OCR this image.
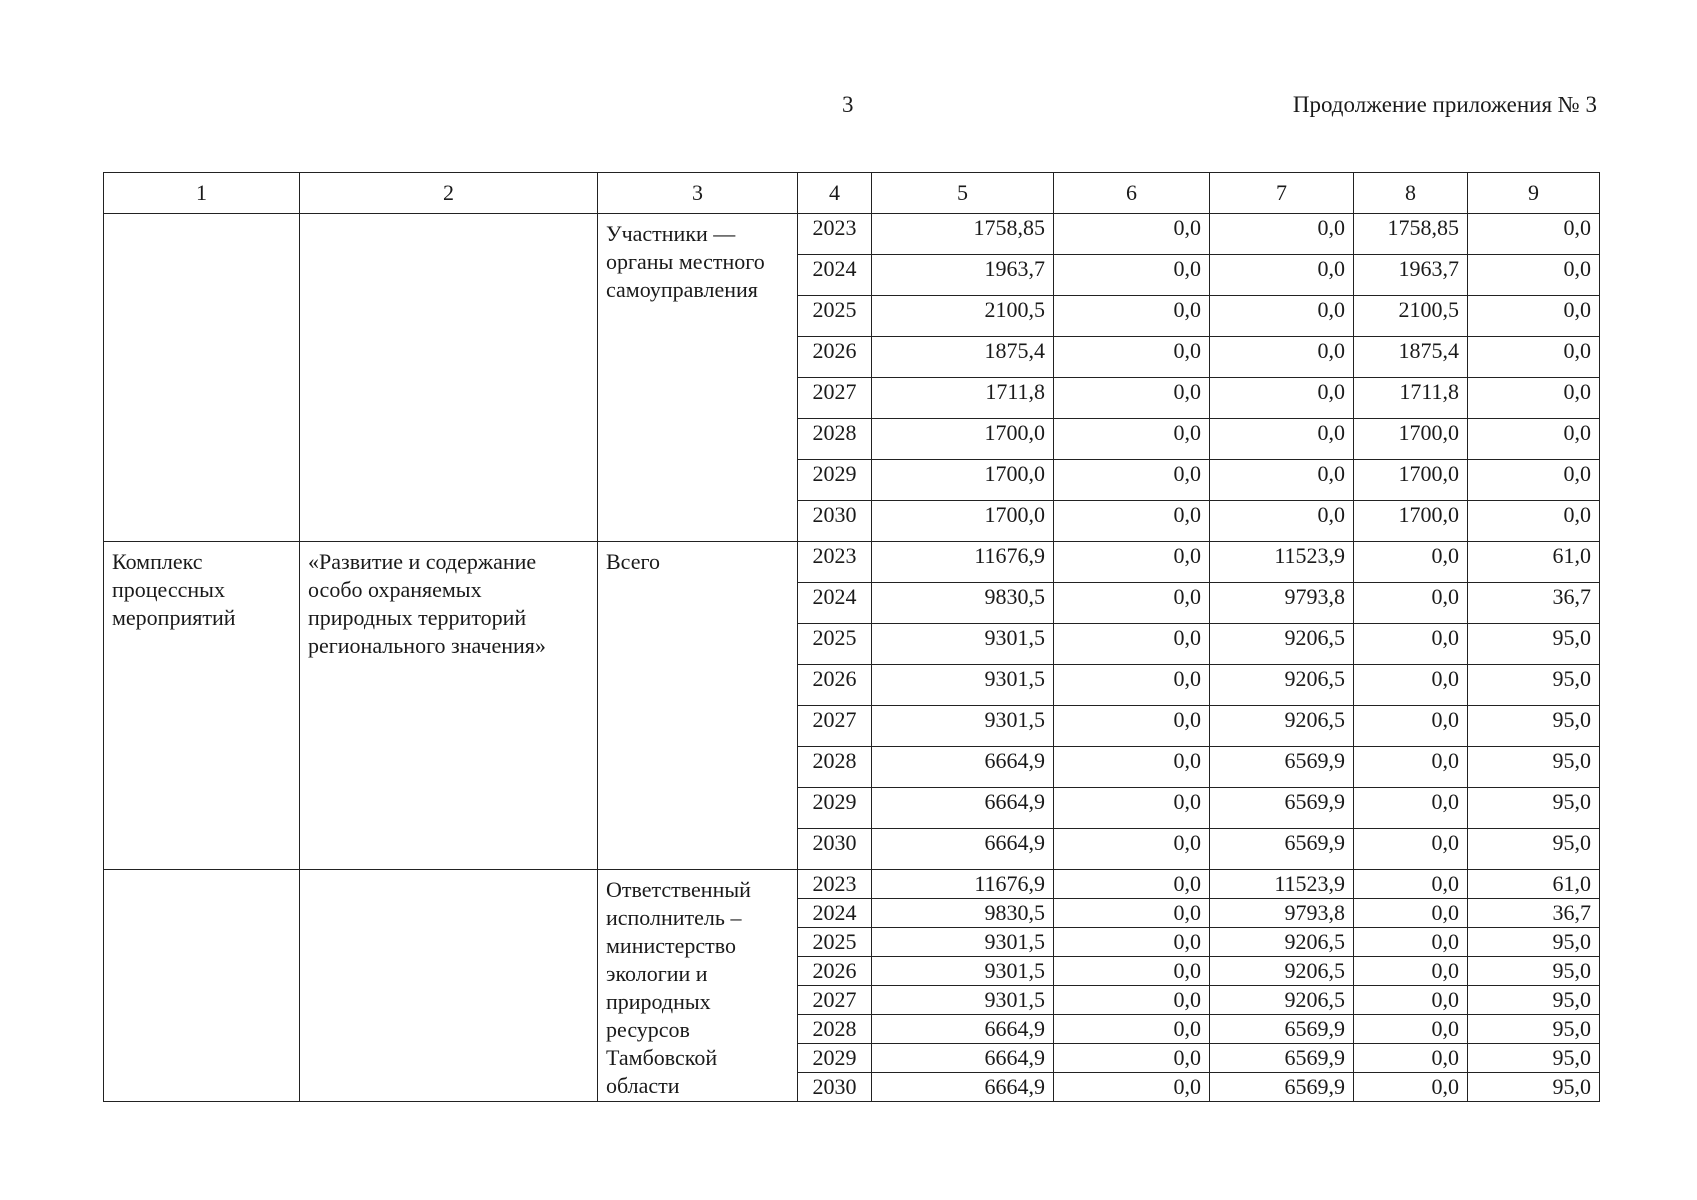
3	Продолжение приложения № 3
1	2	3	4	5	6	7	8	9
		Участники — органы местного самоуправления	2023	1758,85	0,0	0,0	1758,85	0,0
			2024	1963,7	0,0	0,0	1963,7	0,0
			2025	2100,5	0,0	0,0	2100,5	0,0
			2026	1875,4	0,0	0,0	1875,4	0,0
			2027	1711,8	0,0	0,0	1711,8	0,0
			2028	1700,0	0,0	0,0	1700,0	0,0
			2029	1700,0	0,0	0,0	1700,0	0,0
			2030	1700,0	0,0	0,0	1700,0	0,0
Комплекс процессных мероприятий	«Развитие и содержание особо охраняемых природных территорий регионального значения»	Всего	2023	11676,9	0,0	11523,9	0,0	61,0
			2024	9830,5	0,0	9793,8	0,0	36,7
			2025	9301,5	0,0	9206,5	0,0	95,0
			2026	9301,5	0,0	9206,5	0,0	95,0
			2027	9301,5	0,0	9206,5	0,0	95,0
			2028	6664,9	0,0	6569,9	0,0	95,0
			2029	6664,9	0,0	6569,9	0,0	95,0
			2030	6664,9	0,0	6569,9	0,0	95,0
		Ответственный исполнитель – министерство экологии и природных ресурсов Тамбовской области	2023	11676,9	0,0	11523,9	0,0	61,0
			2024	9830,5	0,0	9793,8	0,0	36,7
			2025	9301,5	0,0	9206,5	0,0	95,0
			2026	9301,5	0,0	9206,5	0,0	95,0
			2027	9301,5	0,0	9206,5	0,0	95,0
			2028	6664,9	0,0	6569,9	0,0	95,0
			2029	6664,9	0,0	6569,9	0,0	95,0
			2030	6664,9	0,0	6569,9	0,0	95,0
